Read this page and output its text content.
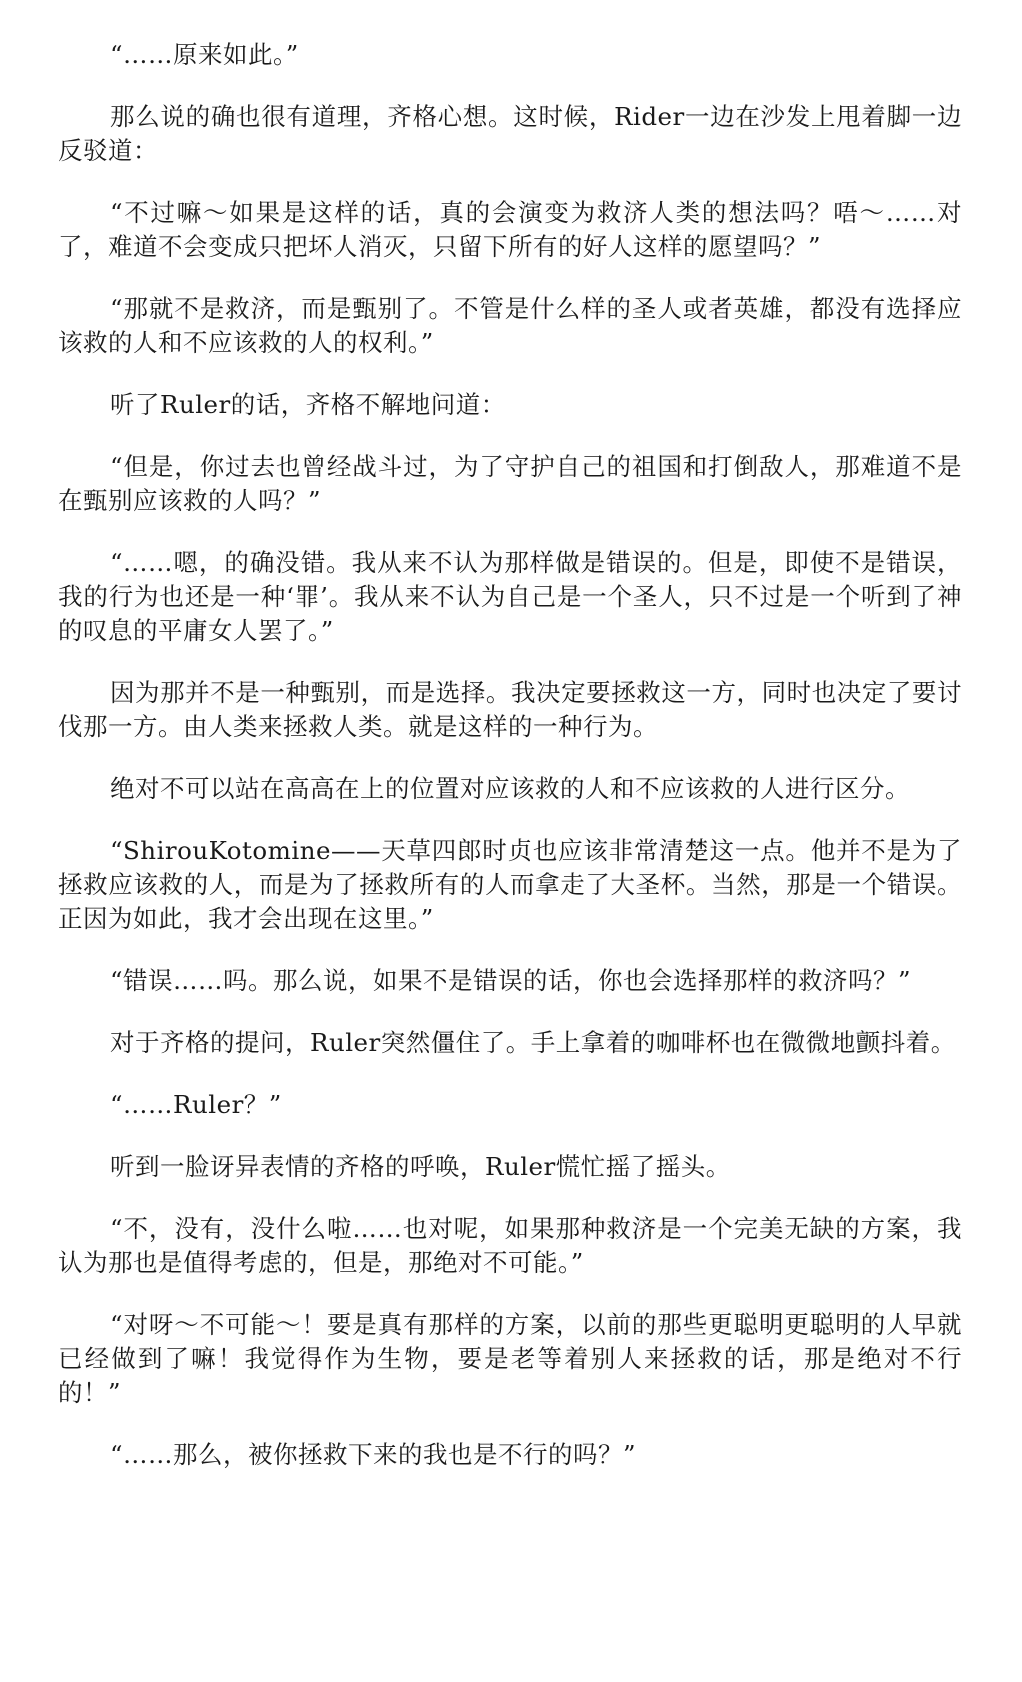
“……原来如此。”

那么说的确也很有道理，齐格心想。这时候，Rider一边在沙发上甩着脚一边反驳道：

“不过嘛～如果是这样的话，真的会演变为救济人类的想法吗？唔～……对了，难道不会变成只把坏人消灭，只留下所有的好人这样的愿望吗？”

“那就不是救济，而是甄别了。不管是什么样的圣人或者英雄，都没有选择应该救的人和不应该救的人的权利。”

听了Ruler的话，齐格不解地问道：

“但是，你过去也曾经战斗过，为了守护自己的祖国和打倒敌人，那难道不是在甄别应该救的人吗？”

“……嗯，的确没错。我从来不认为那样做是错误的。但是，即使不是错误，我的行为也还是一种‘罪’。我从来不认为自己是一个圣人，只不过是一个听到了神的叹息的平庸女人罢了。”

因为那并不是一种甄别，而是选择。我决定要拯救这一方，同时也决定了要讨伐那一方。由人类来拯救人类。就是这样的一种行为。

绝对不可以站在高高在上的位置对应该救的人和不应该救的人进行区分。

“ShirouKotomine——天草四郎时贞也应该非常清楚这一点。他并不是为了拯救应该救的人，而是为了拯救所有的人而拿走了大圣杯。当然，那是一个错误。正因为如此，我才会出现在这里。”

“错误……吗。那么说，如果不是错误的话，你也会选择那样的救济吗？”

对于齐格的提问，Ruler突然僵住了。手上拿着的咖啡杯也在微微地颤抖着。

“……Ruler？”

听到一脸讶异表情的齐格的呼唤，Ruler慌忙摇了摇头。

“不，没有，没什么啦……也对呢，如果那种救济是一个完美无缺的方案，我认为那也是值得考虑的，但是，那绝对不可能。”

“对呀～不可能～！要是真有那样的方案，以前的那些更聪明更聪明的人早就已经做到了嘛！我觉得作为生物，要是老等着别人来拯救的话，那是绝对不行的！”

“……那么，被你拯救下来的我也是不行的吗？”
